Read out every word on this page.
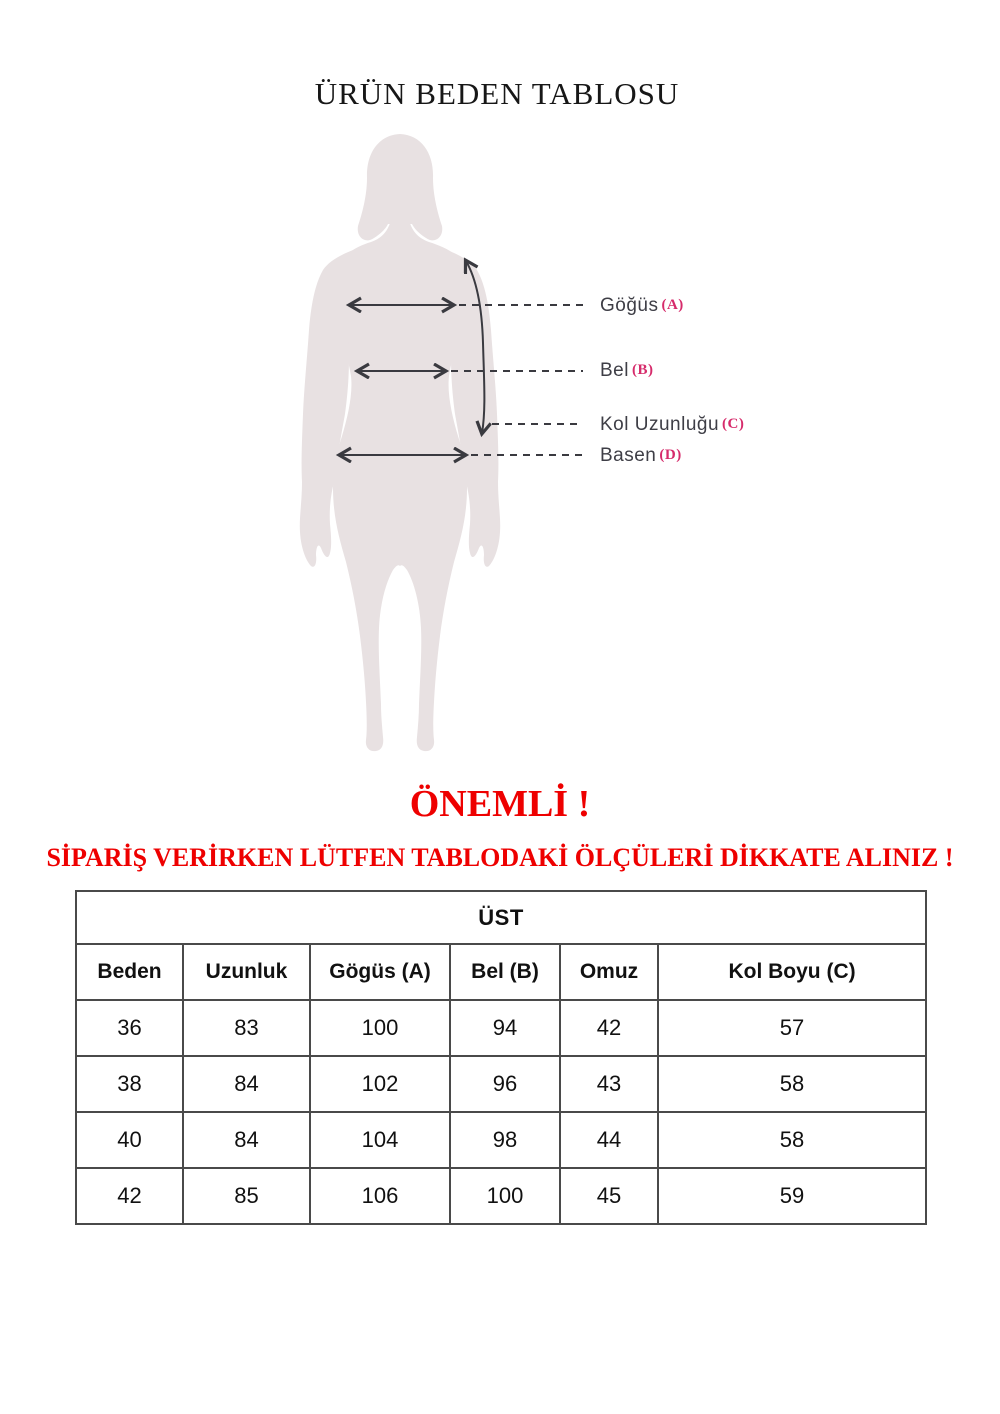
ÜRÜN BEDEN TABLOSU
Göğüs (A)
Bel (B)
Kol Uzunluğu (C)
Basen (D)
ÖNEMLİ !

SİPARİŞ VERİRKEN LÜTFEN TABLODAKİ ÖLÇÜLERİ DİKKATE ALINIZ !

ÜST					
Beden	Uzunluk	Gögüs (A)	Bel (B)	Omuz	Kol Boyu (C)
36	83	100	94	42	57
38	84	102	96	43	58
40	84	104	98	44	58
42	85	106	100	45	59
